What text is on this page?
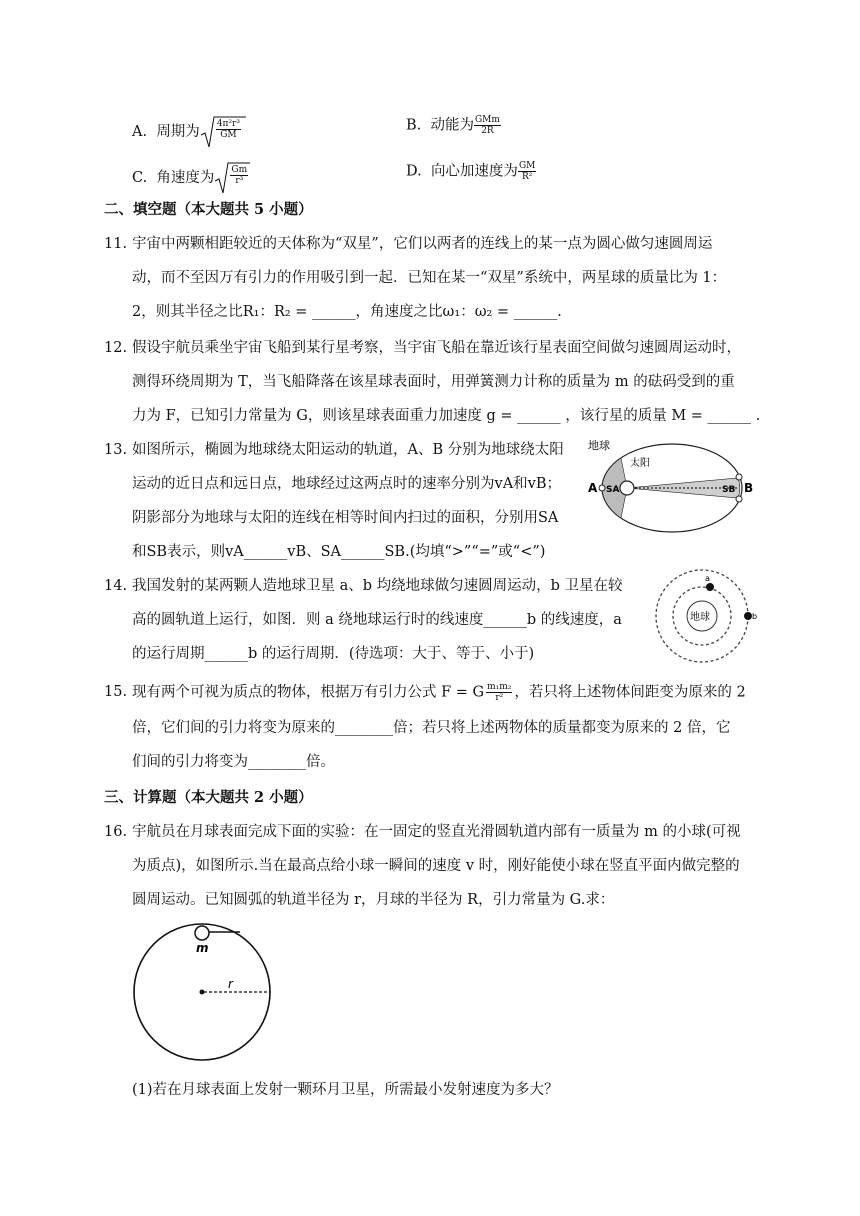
A. 周期为 $\frac{\text{4π²r³}}{GM}$	B. 动能为 $\frac{\text{GMm}}{2R}$
C. 角速度为 $\frac{Gm}{\text{r³}}$	D. 向心加速度为 $\frac{GM}{\text{R²}}$
二、填空题（本大题共 5 小题）
11. 宇宙中两颗相距较近的天体称为“双星”，它们以两者的连线上的某一点为圆心做匀速圆周运
动，而不至因万有引力的作用吸引到一起．已知在某一“双星”系统中，两星球的质量比为 1：
2，则其半径之比R₁：R₂ = ______，角速度之比ω₁：ω₂ = ______.
12. 假设宇航员乘坐宇宙飞船到某行星考察，当宇宙飞船在靠近该行星表面空间做匀速圆周运动时，
测得环绕周期为 T，当飞船降落在该星球表面时，用弹簧测力计称的质量为 m 的砝码受到的重
力为 F，已知引力常量为 G，则该星球表面重力加速度 g = ______ ，该行星的质量 M = ______ .
13. 如图所示，椭圆为地球绕太阳运动的轨道，A、B 分别为地球绕太阳
运动的近日点和远日点，地球经过这两点时的速率分别为vA和vB；
阴影部分为地球与太阳的连线在相等时间内扫过的面积，分别用SA
和SB表示，则vA______vB、SA______SB.(均填“>”“=”或“<”)
地球
太阳
A SA	SB B
14. 我国发射的某两颗人造地球卫星 a、b 均绕地球做匀速圆周运动，b 卫星在较
高的圆轨道上运行，如图．则 a 绕地球运行时的线速度______b 的线速度，a
的运行周期______b 的运行周期．(待选项：大于、等于、小于)
地球
a
b
15. 现有两个可视为质点的物体，根据万有引力公式 F = G $\frac{\text{m₁m₂}}{\text{r²}}$ ，若只将上述物体间距变为原来的 2
倍，它们间的引力将变为原来的________倍；若只将上述两物体的质量都变为原来的 2 倍，它
们间的引力将变为________倍。
三、计算题（本大题共 2 小题）
16. 宇航员在月球表面完成下面的实验：在一固定的竖直光滑圆轨道内部有一质量为 m 的小球(可视
为质点)，如图所示.当在最高点给小球一瞬间的速度 v 时，刚好能使小球在竖直平面内做完整的
圆周运动。已知圆弧的轨道半径为 r，月球的半径为 R，引力常量为 G.求：
m
r
(1)若在月球表面上发射一颗环月卫星，所需最小发射速度为多大？
